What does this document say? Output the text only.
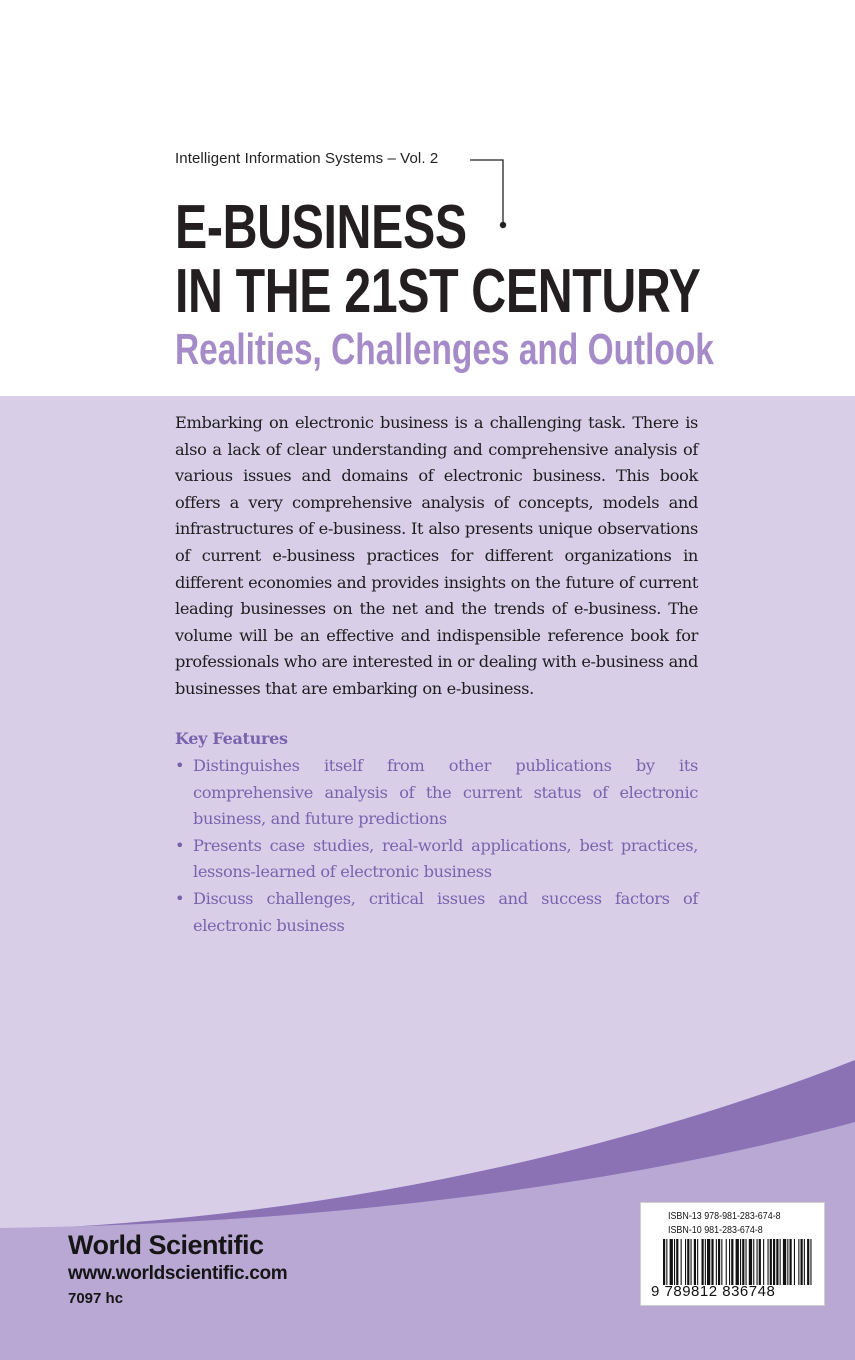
Intelligent Information Systems – Vol. 2
E-BUSINESS
IN THE 21ST CENTURY
Realities, Challenges and Outlook
Embarking on electronic business is a challenging task. There is also a lack of clear understanding and comprehensive analysis of various issues and domains of electronic business. This book offers a very comprehensive analysis of concepts, models and infrastructures of e-business. It also presents unique observations of current e-business practices for different organizations in different economies and provides insights on the future of current leading businesses on the net and the trends of e-business. The volume will be an effective and indispensible reference book for professionals who are interested in or dealing with e-business and businesses that are embarking on e-business.
Key Features
• Distinguishes itself from other publications by its comprehensive analysis of the current status of electronic business, and future predictions
• Presents case studies, real-world applications, best practices, lessons-learned of electronic business
• Discuss challenges, critical issues and success factors of electronic business
World Scientific
www.worldscientific.com
7097 hc
ISBN-13 978-981-283-674-8
ISBN-10 981-283-674-8
9 789812 836748
